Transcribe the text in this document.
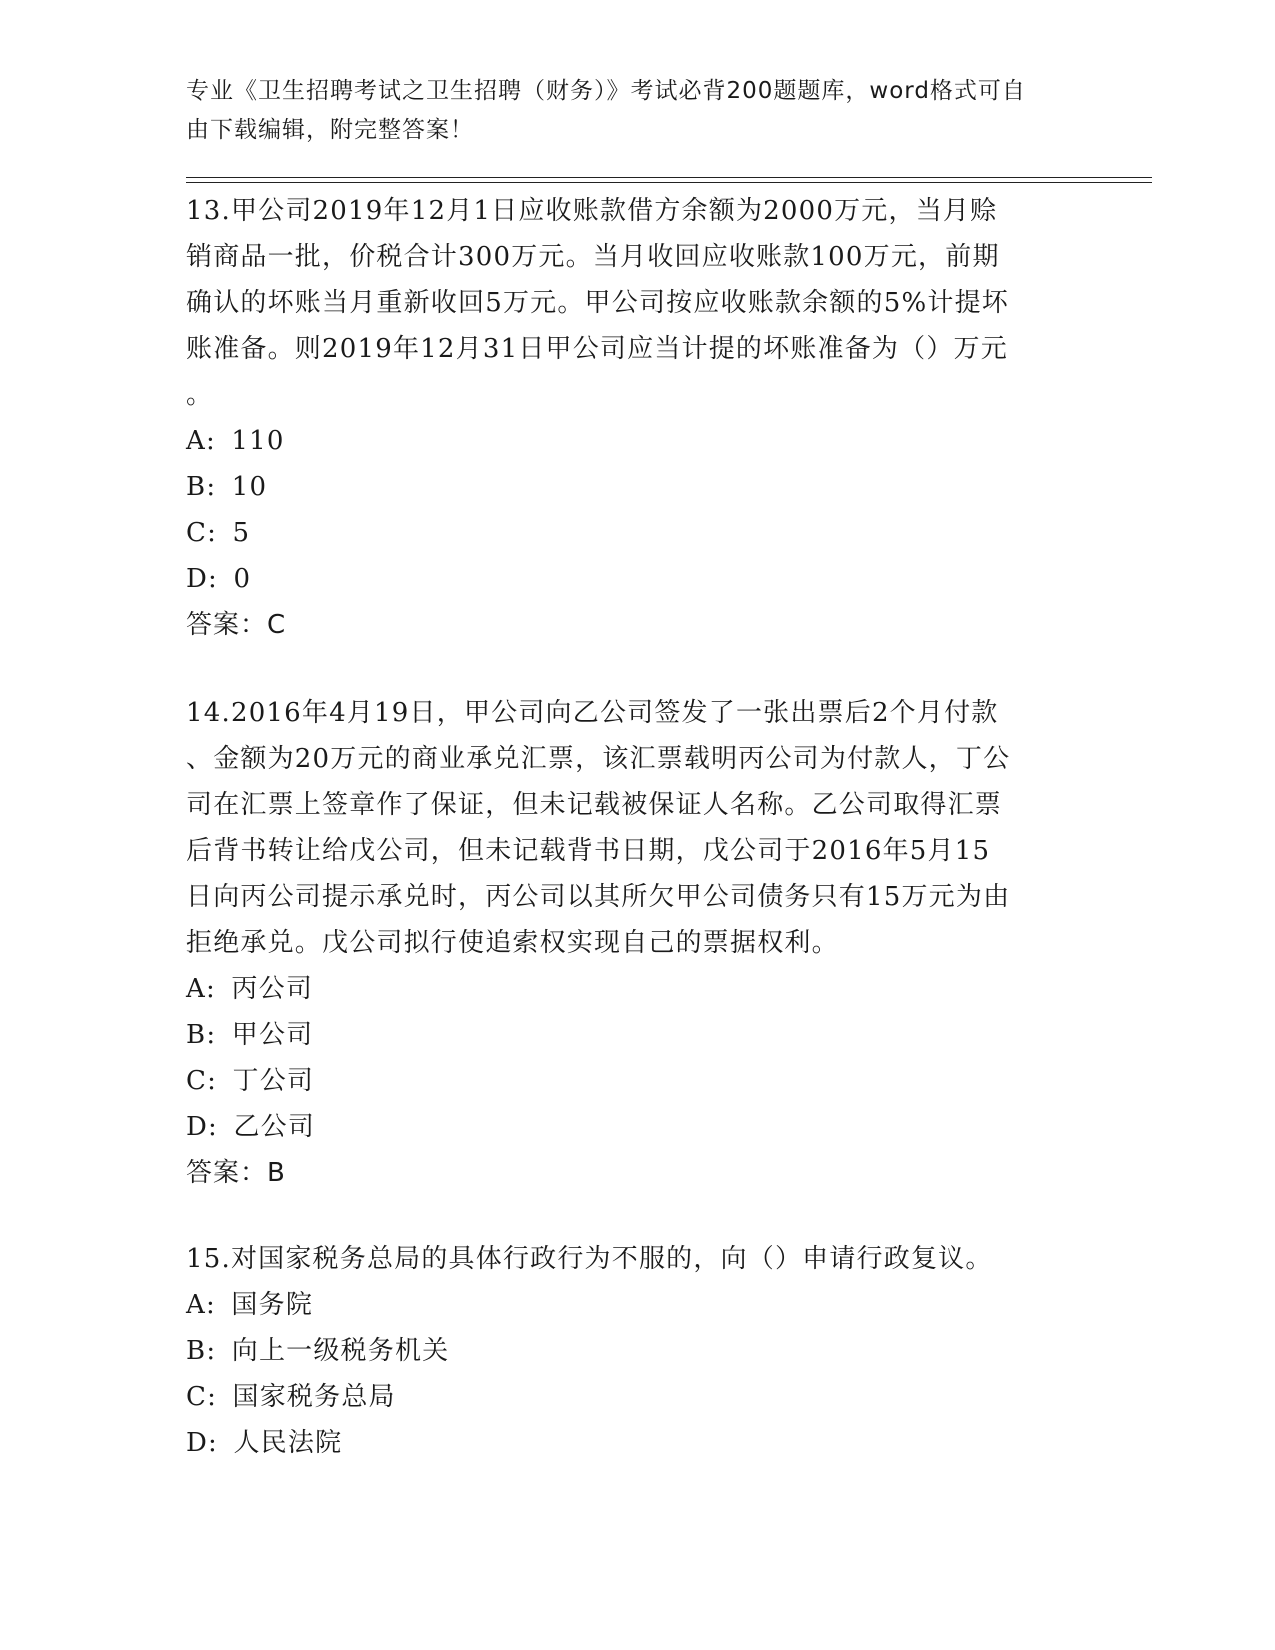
专业《卫生招聘考试之卫生招聘（财务）》考试必背200题题库，word格式可自
由下载编辑，附完整答案！
13.甲公司2019年12月1日应收账款借方余额为2000万元，当月赊
销商品一批，价税合计300万元。当月收回应收账款100万元，前期
确认的坏账当月重新收回5万元。甲公司按应收账款余额的5%计提坏
账准备。则2019年12月31日甲公司应当计提的坏账准备为（）万元
。
A: 110
B: 10
C: 5
D: 0
答案：C
14.2016年4月19日，甲公司向乙公司签发了一张出票后2个月付款
、金额为20万元的商业承兑汇票，该汇票载明丙公司为付款人，丁公
司在汇票上签章作了保证，但未记载被保证人名称。乙公司取得汇票
后背书转让给戊公司，但未记载背书日期，戊公司于2016年5月15
日向丙公司提示承兑时，丙公司以其所欠甲公司债务只有15万元为由
拒绝承兑。戊公司拟行使追索权实现自己的票据权利。
A: 丙公司
B: 甲公司
C: 丁公司
D: 乙公司
答案：B
15.对国家税务总局的具体行政行为不服的，向（）申请行政复议。
A: 国务院
B: 向上一级税务机关
C: 国家税务总局
D: 人民法院
